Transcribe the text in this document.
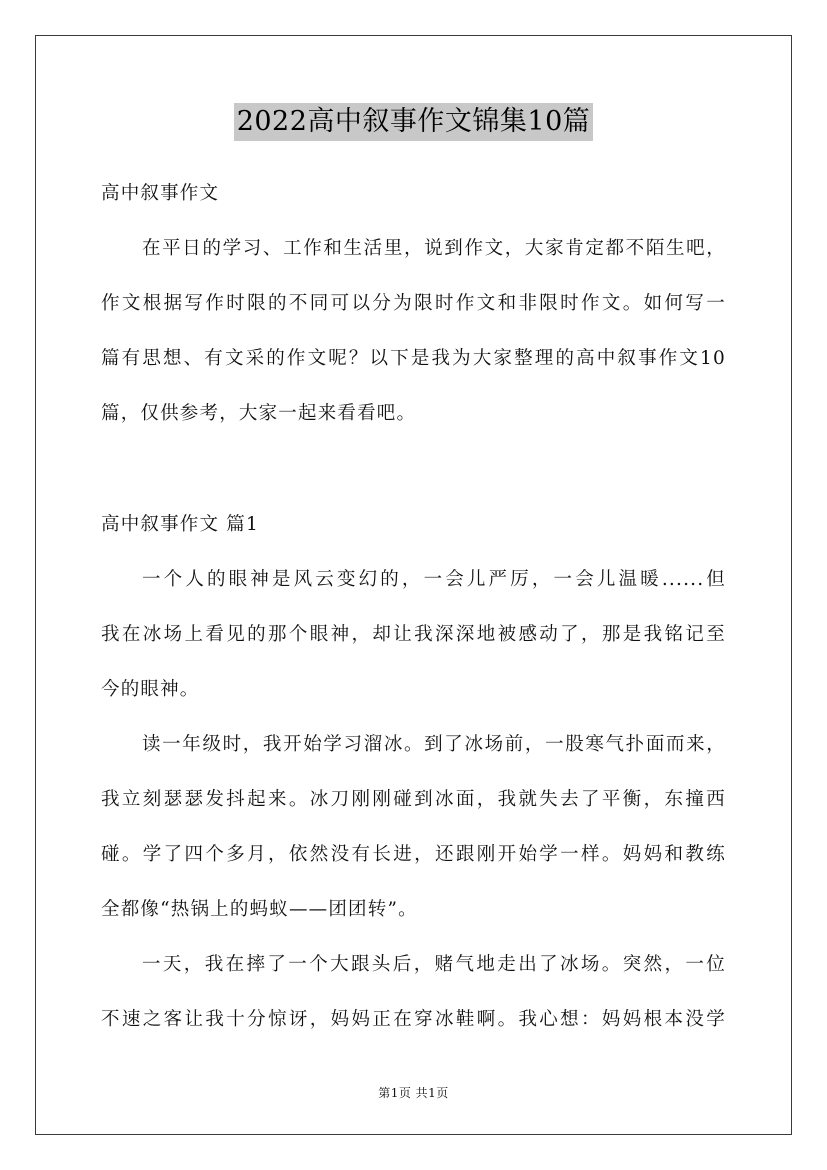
2022高中叙事作文锦集10篇
高中叙事作文
在平日的学习、工作和生活里，说到作文，大家肯定都不陌生吧，
作文根据写作时限的不同可以分为限时作文和非限时作文。如何写一
篇有思想、有文采的作文呢？以下是我为大家整理的高中叙事作文10
篇，仅供参考，大家一起来看看吧。
高中叙事作文 篇1
一个人的眼神是风云变幻的，一会儿严厉，一会儿温暖......但
我在冰场上看见的那个眼神，却让我深深地被感动了，那是我铭记至
今的眼神。
读一年级时，我开始学习溜冰。到了冰场前，一股寒气扑面而来，
我立刻瑟瑟发抖起来。冰刀刚刚碰到冰面，我就失去了平衡，东撞西
碰。学了四个多月，依然没有长进，还跟刚开始学一样。妈妈和教练
全都像“热锅上的蚂蚁——团团转”。
一天，我在摔了一个大跟头后，赌气地走出了冰场。突然，一位
不速之客让我十分惊讶，妈妈正在穿冰鞋啊。我心想：妈妈根本没学
第1页 共1页
